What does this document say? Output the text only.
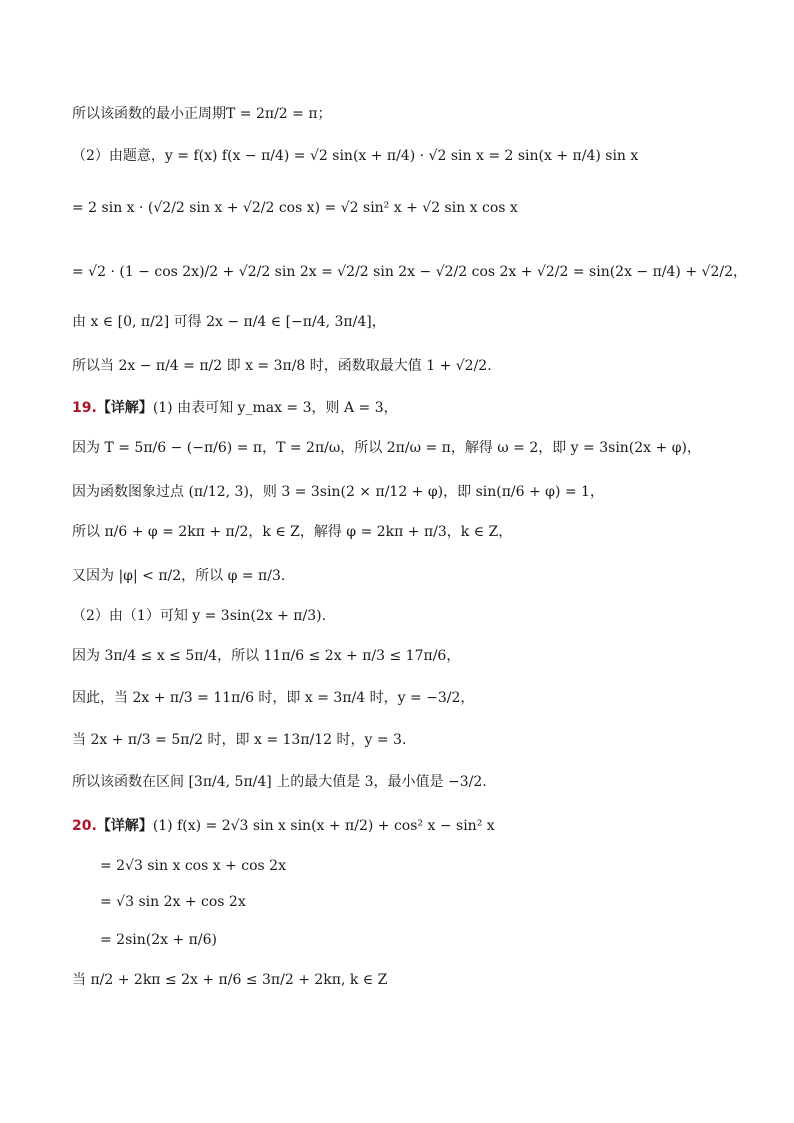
所以该函数的最小正周期T = 2π/2 = π；
（2）由题意，y = f(x) f(x − π/4) = √2 sin(x + π/4) · √2 sin x = 2 sin(x + π/4) sin x
= 2 sin x · (√2/2 sin x + √2/2 cos x) = √2 sin² x + √2 sin x cos x
= √2 · (1 − cos 2x)/2 + √2/2 sin 2x = √2/2 sin 2x − √2/2 cos 2x + √2/2 = sin(2x − π/4) + √2/2，
由 x ∈ [0, π/2] 可得 2x − π/4 ∈ [−π/4, 3π/4]，
所以当 2x − π/4 = π/2 即 x = 3π/8 时，函数取最大值 1 + √2/2.
19.【详解】(1) 由表可知 y_max = 3，则 A = 3，
因为 T = 5π/6 − (−π/6) = π，T = 2π/ω，所以 2π/ω = π，解得 ω = 2，即 y = 3sin(2x + φ)，
因为函数图象过点 (π/12, 3)，则 3 = 3sin(2 × π/12 + φ)，即 sin(π/6 + φ) = 1，
所以 π/6 + φ = 2kπ + π/2，k ∈ Z，解得 φ = 2kπ + π/3，k ∈ Z，
又因为 |φ| < π/2，所以 φ = π/3.
（2）由（1）可知 y = 3sin(2x + π/3).
因为 3π/4 ≤ x ≤ 5π/4，所以 11π/6 ≤ 2x + π/3 ≤ 17π/6，
因此，当 2x + π/3 = 11π/6 时，即 x = 3π/4 时，y = −3/2，
当 2x + π/3 = 5π/2 时，即 x = 13π/12 时，y = 3.
所以该函数在区间 [3π/4, 5π/4] 上的最大值是 3，最小值是 −3/2.
20.【详解】(1) f(x) = 2√3 sin x sin(x + π/2) + cos² x − sin² x
= 2√3 sin x cos x + cos 2x
= √3 sin 2x + cos 2x
= 2sin(2x + π/6)
当 π/2 + 2kπ ≤ 2x + π/6 ≤ 3π/2 + 2kπ, k ∈ Z
